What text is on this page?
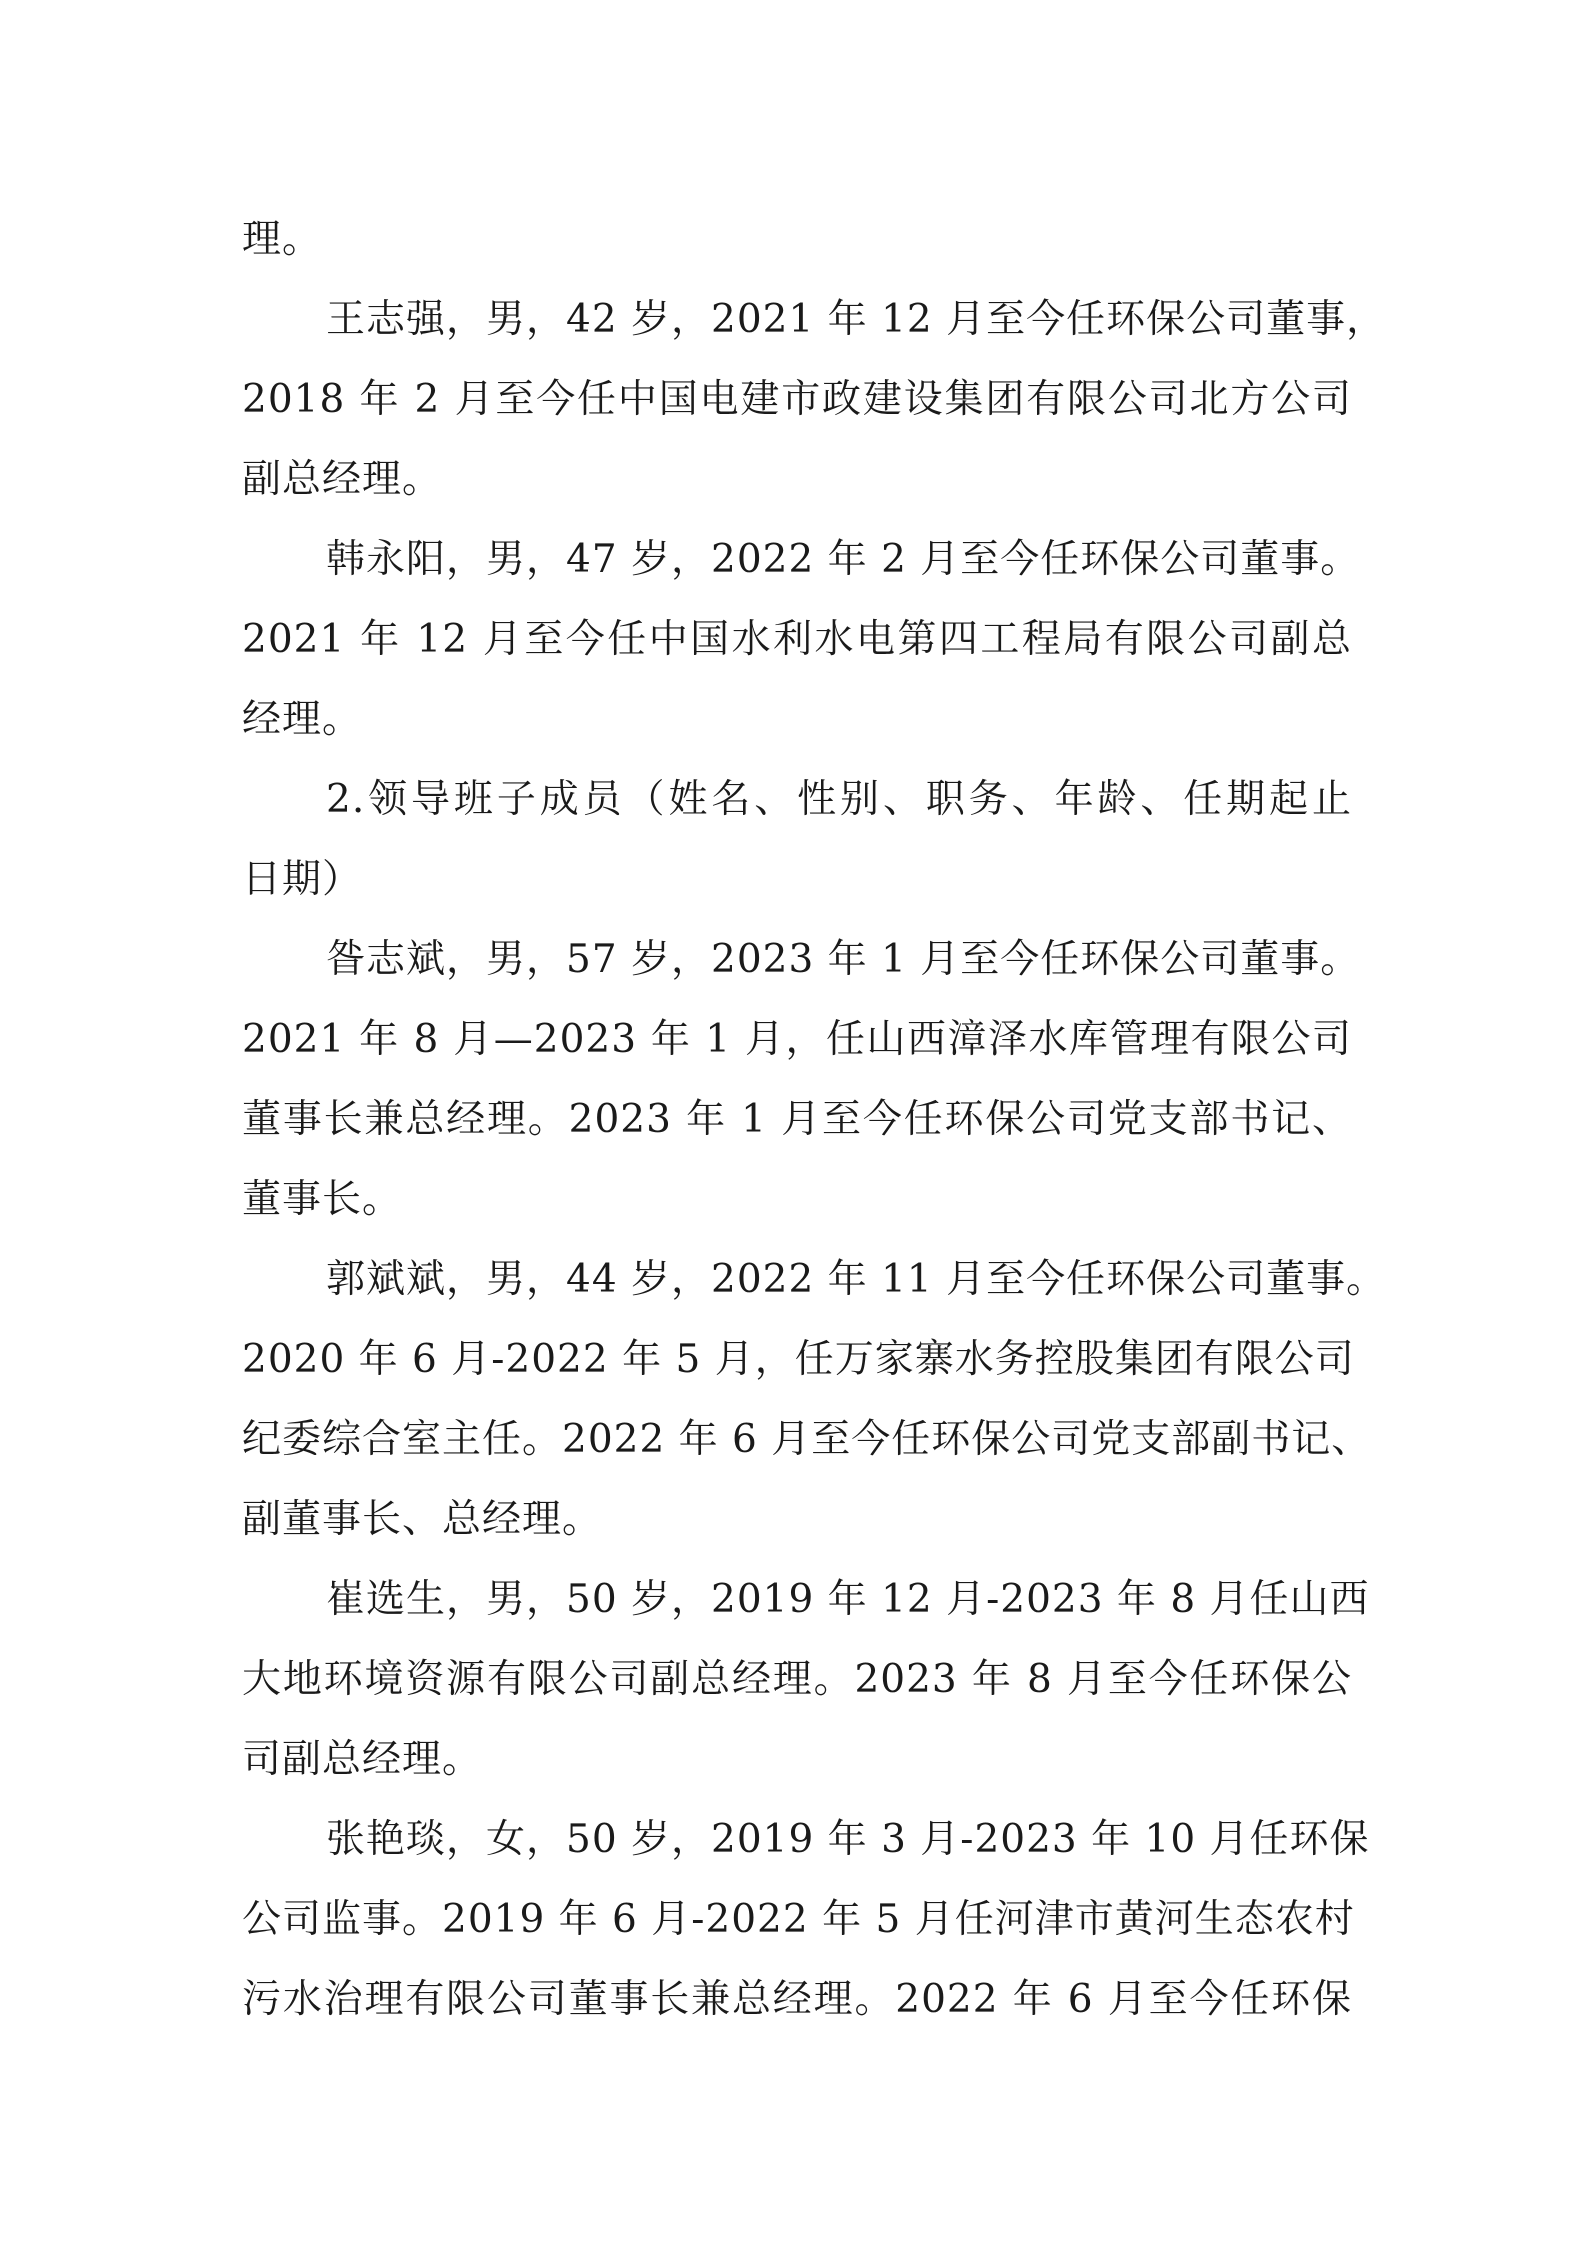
理。
王志强，男，42 岁，2021 年 12 月至今任环保公司董事，
2018 年 2 月至今任中国电建市政建设集团有限公司北方公司
副总经理。
韩永阳，男，47 岁，2022 年 2 月至今任环保公司董事。
2021 年 12 月至今任中国水利水电第四工程局有限公司副总
经理。
2.领导班子成员（姓名、性别、职务、年龄、任期起止
日期）
昝志斌，男，57 岁，2023 年 1 月至今任环保公司董事。
2021 年 8 月—2023 年 1 月，任山西漳泽水库管理有限公司
董事长兼总经理。2023 年 1 月至今任环保公司党支部书记、
董事长。
郭斌斌，男，44 岁，2022 年 11 月至今任环保公司董事。
2020 年 6 月-2022 年 5 月，任万家寨水务控股集团有限公司
纪委综合室主任。2022 年 6 月至今任环保公司党支部副书记、
副董事长、总经理。
崔选生，男，50 岁，2019 年 12 月-2023 年 8 月任山西
大地环境资源有限公司副总经理。2023 年 8 月至今任环保公
司副总经理。
张艳琰，女，50 岁，2019 年 3 月-2023 年 10 月任环保
公司监事。2019 年 6 月-2022 年 5 月任河津市黄河生态农村
污水治理有限公司董事长兼总经理。2022 年 6 月至今任环保
